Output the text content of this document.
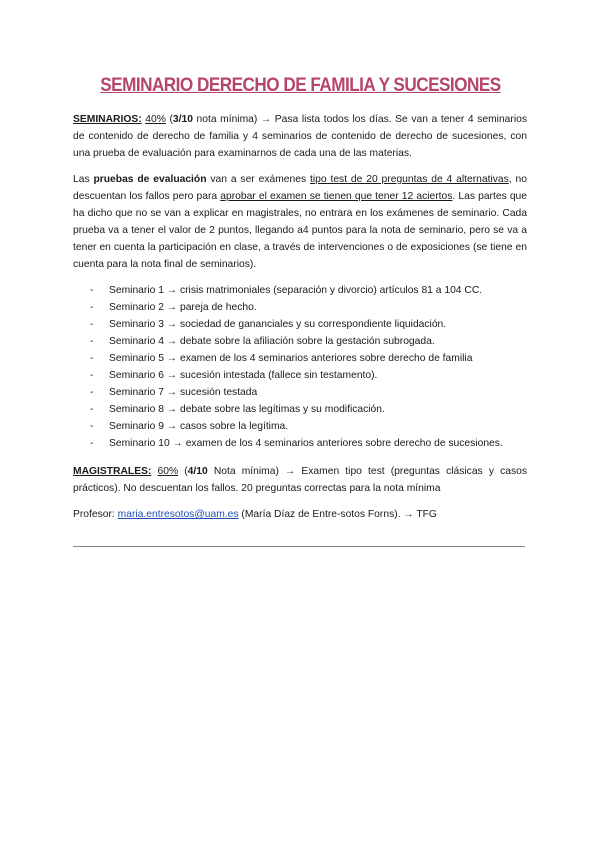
SEMINARIO DERECHO DE FAMILIA Y SUCESIONES

SEMINARIOS: 40% (3/10 nota mínima) → Pasa lista todos los días. Se van a tener 4 seminarios de contenido de derecho de familia y 4 seminarios de contenido de derecho de sucesiones, con una prueba de evaluación para examinarnos de cada una de las materias.

Las pruebas de evaluación van a ser exámenes tipo test de 20 preguntas de 4 alternativas, no descuentan los fallos pero para aprobar el examen se tienen que tener 12 aciertos. Las partes que ha dicho que no se van a explicar en magistrales, no entrara en los exámenes de seminario. Cada prueba va a tener el valor de 2 puntos, llegando a4 puntos para la nota de seminario, pero se va a tener en cuenta la participación en clase, a través de intervenciones o de exposiciones (se tiene en cuenta para la nota final de seminarios).

- Seminario 1 → crisis matrimoniales (separación y divorcio) artículos 81 a 104 CC.
- Seminario 2 → pareja de hecho.
- Seminario 3 → sociedad de gananciales y su correspondiente liquidación.
- Seminario 4 → debate sobre la afiliación sobre la gestación subrogada.
- Seminario 5 → examen de los 4 seminarios anteriores sobre derecho de familia
- Seminario 6 → sucesión intestada (fallece sin testamento).
- Seminario 7 → sucesión testada
- Seminario 8 → debate sobre las legítimas y su modificación.
- Seminario 9 → casos sobre la legítima.
- Seminario 10 → examen de los 4 seminarios anteriores sobre derecho de sucesiones.

MAGISTRALES: 60% (4/10 Nota mínima) → Examen tipo test (preguntas clásicas y casos prácticos). No descuentan los fallos. 20 preguntas correctas para la nota mínima

Profesor: maria.entresotos@uam.es (María Díaz de Entre-sotos Forns). → TFG
